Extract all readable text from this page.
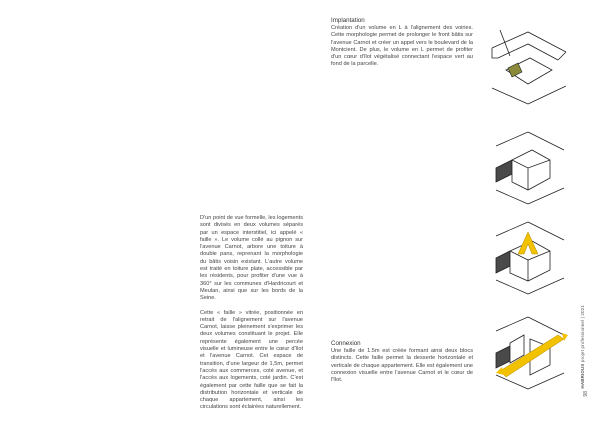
D'un point de vue formelle, les logements sont divisés en deux volumes séparés par un espace interstitiel, ici appelé « faille ». Le volume collé au pignon sur l'avenue Carnot, arbore une toiture à double pans, reprenant la morphologie du bâtis voisin existant. L'autre volume est traité en toiture plate, accessible par les résidents, pour profiter d'une vue à 360° sur les communes d'Hardricourt et Meulan, ainsi que sur les bords de la Seine.

Cette « faille » vitrée, positionnée en retrait de l'alignement sur l'avenue Carnot, laisse pleinement s'exprimer les deux volumes constituant le projet. Elle représente également une percée visuelle et lumineuse entre le cœur d'îlot et l'avenue Carnot. Cet espace de transition, d'une largeur de 1,5m, permet l'accès aux commerces, coté avenue, et l'accès aux logements, coté jardin. C'est également par cette faille que se fait la distribution horizontale et verticale de chaque appartement, ainsi les circulations sont éclairées naturellement.

Implantation
Création d'un volume en L à l'alignement des voiries. Cette morphologie permet de prolonger le front bâtis sur l'avenue Carnot et créer un appel vers le boulevard de la Montcient. De plus, le volume en L permet de profiter d'un cœur d'îlot végétalisé connectant l'espace vert au fond de la parcelle.
Connexion
Une faille de 1.5m est créée formant ainsi deux blocs distincts. Cette faille permet la desserte horizontale et verticale de chaque appartement. Elle est également une connexion visuelle entre l'avenue Carnot et le cœur de l'îlot.	HABRIOUX projet professionnel | 2021
98
